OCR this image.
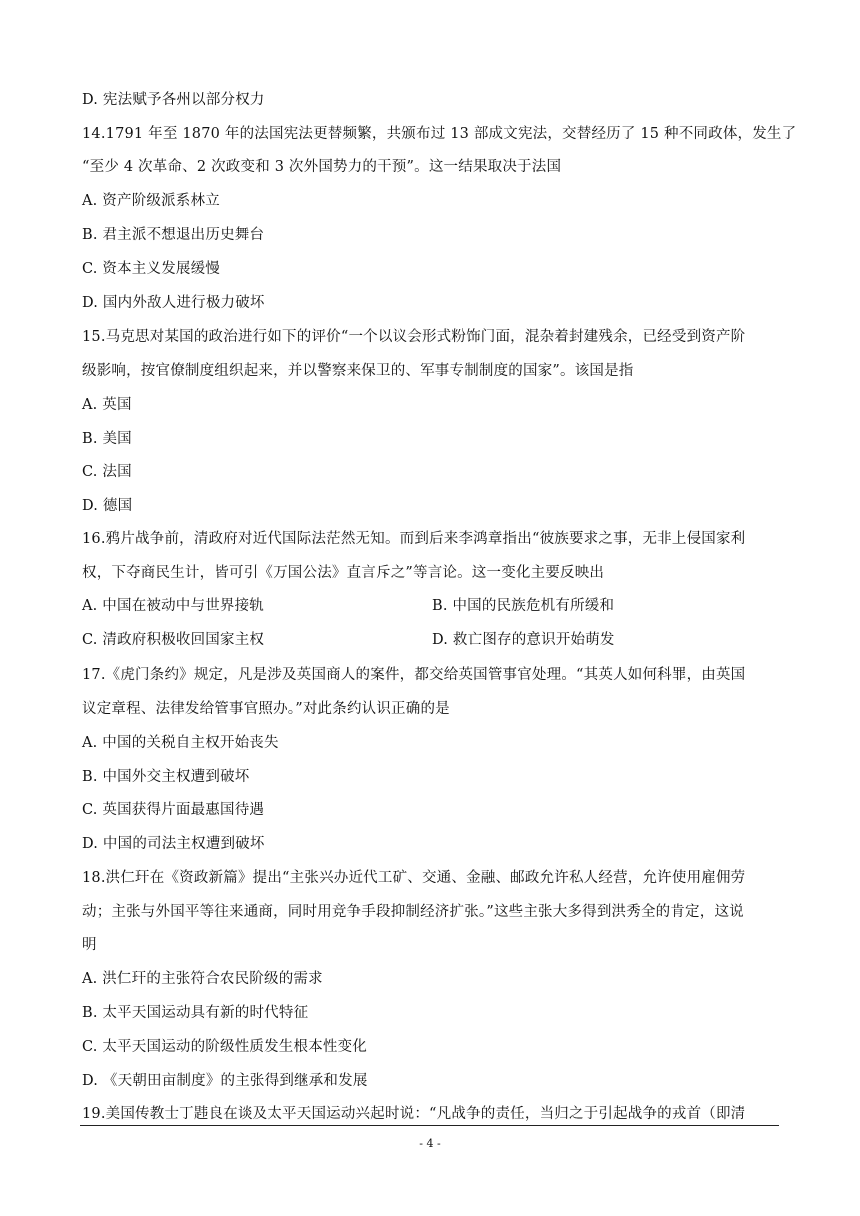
D. 宪法赋予各州以部分权力
14.1791 年至 1870 年的法国宪法更替频繁，共颁布过 13 部成文宪法，交替经历了 15 种不同政体，发生了
“至少 4 次革命、2 次政变和 3 次外国势力的干预”。这一结果取决于法国
A. 资产阶级派系林立
B. 君主派不想退出历史舞台
C. 资本主义发展缓慢
D. 国内外敌人进行极力破坏
15.马克思对某国的政治进行如下的评价“一个以议会形式粉饰门面，混杂着封建残余，已经受到资产阶
级影响，按官僚制度组织起来，并以警察来保卫的、军事专制制度的国家”。该国是指
A. 英国
B. 美国
C. 法国
D. 德国
16.鸦片战争前，清政府对近代国际法茫然无知。而到后来李鸿章指出“彼族要求之事，无非上侵国家利
权，下夺商民生计，皆可引《万国公法》直言斥之”等言论。这一变化主要反映出
17.《虎门条约》规定，凡是涉及英国商人的案件，都交给英国管事官处理。“其英人如何科罪，由英国
议定章程、法律发给管事官照办。”对此条约认识正确的是
A. 中国的关税自主权开始丧失
B. 中国外交主权遭到破坏
C. 英国获得片面最惠国待遇
D. 中国的司法主权遭到破坏
18.洪仁玕在《资政新篇》提出“主张兴办近代工矿、交通、金融、邮政允许私人经营，允许使用雇佣劳
动；主张与外国平等往来通商，同时用竞争手段抑制经济扩张。”这些主张大多得到洪秀全的肯定，这说
明
A. 洪仁玕的主张符合农民阶级的需求
B. 太平天国运动具有新的时代特征
C. 太平天国运动的阶级性质发生根本性变化
D. 《天朝田亩制度》的主张得到继承和发展
19.美国传教士丁韪良在谈及太平天国运动兴起时说：“凡战争的责任，当归之于引起战争的戎首（即清
A. 中国在被动中与世界接轨	B. 中国的民族危机有所缓和
C. 清政府积极收回国家主权	D. 救亡图存的意识开始萌发
- 4 -
